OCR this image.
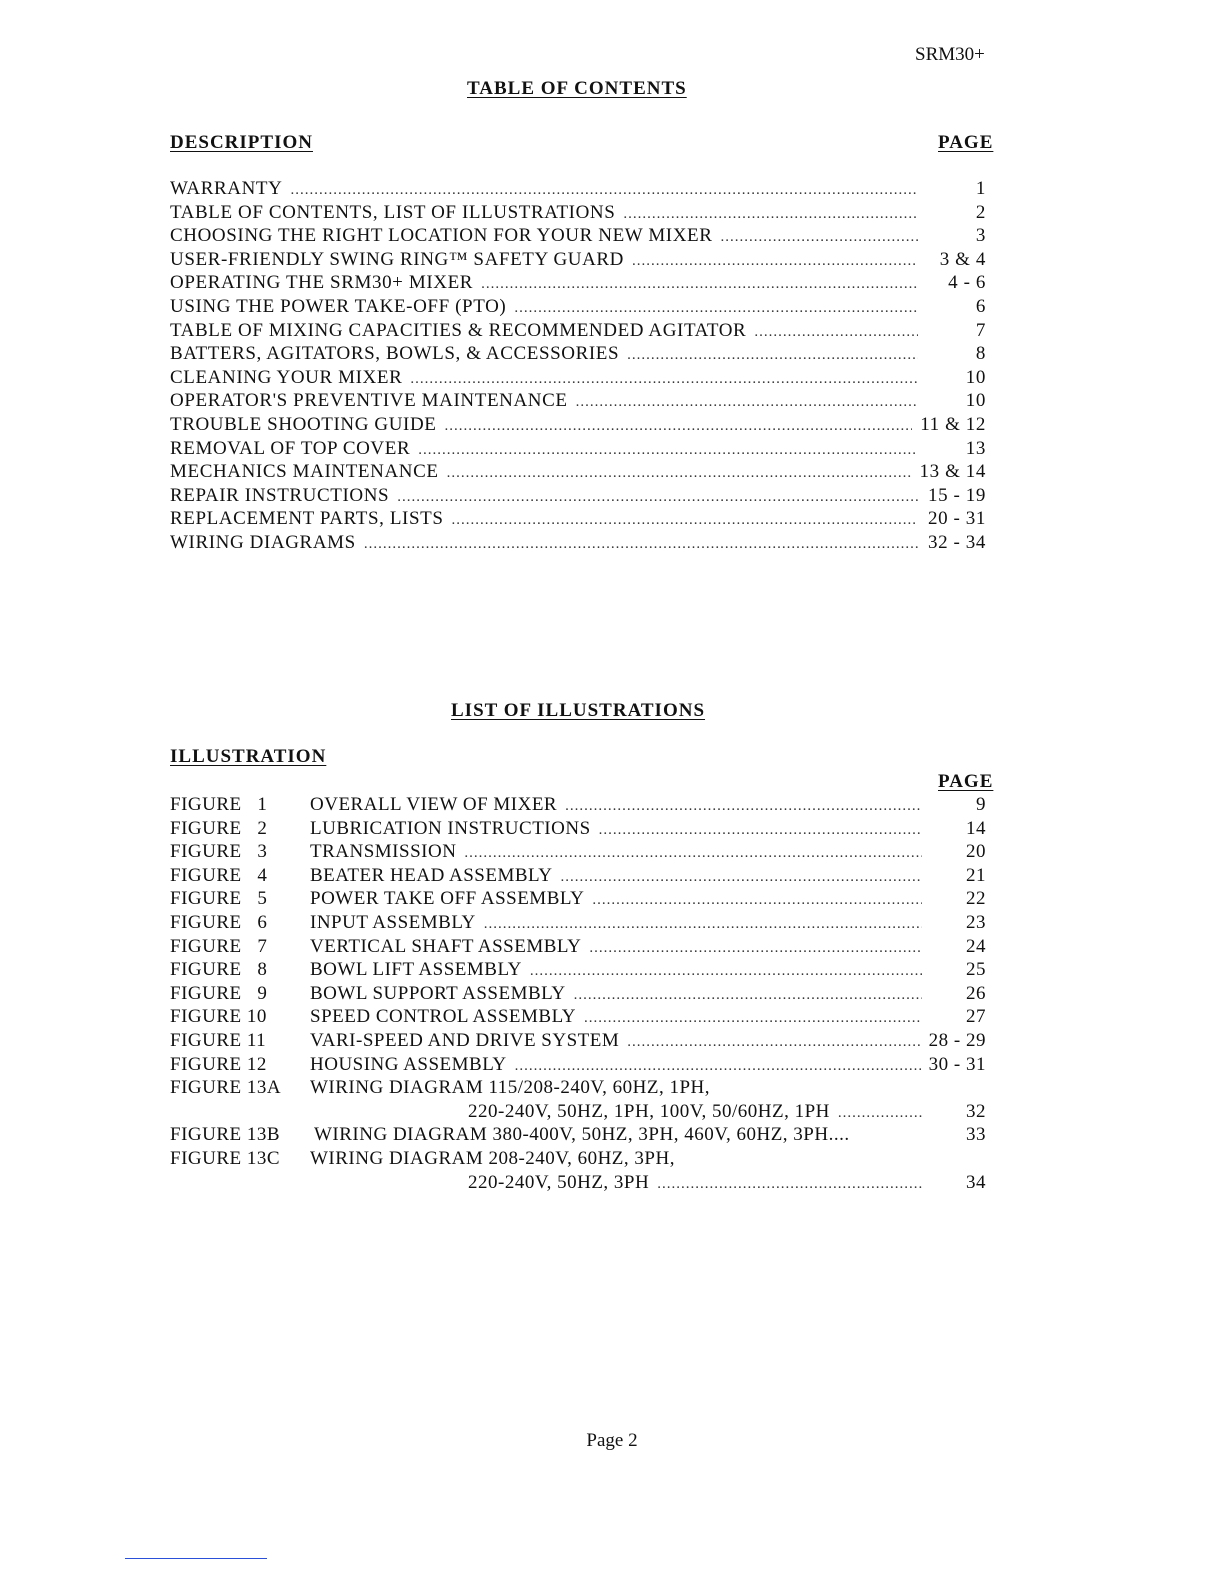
SRM30+
TABLE OF CONTENTS
DESCRIPTION	PAGE
WARRANTY .....	1
TABLE OF CONTENTS, LIST OF ILLUSTRATIONS .....	2
CHOOSING THE RIGHT LOCATION FOR YOUR NEW MIXER .....	3
USER-FRIENDLY SWING RING™ SAFETY GUARD .....	3 & 4
OPERATING THE SRM30+ MIXER .....	4 - 6
USING THE POWER TAKE-OFF (PTO) .....	6
TABLE OF MIXING CAPACITIES & RECOMMENDED AGITATOR .....	7
BATTERS, AGITATORS, BOWLS, & ACCESSORIES .....	8
CLEANING YOUR MIXER .....	10
OPERATOR'S PREVENTIVE MAINTENANCE .....	10
TROUBLE SHOOTING GUIDE .....	11 & 12
REMOVAL OF TOP COVER .....	13
MECHANICS MAINTENANCE .....	13 & 14
REPAIR INSTRUCTIONS .....	15 - 19
REPLACEMENT PARTS, LISTS .....	20 - 31
WIRING DIAGRAMS .....	32 - 34
LIST OF ILLUSTRATIONS
ILLUSTRATION
PAGE
FIGURE   1	OVERALL VIEW OF MIXER .....	9
FIGURE   2	LUBRICATION INSTRUCTIONS .....	14
FIGURE   3	TRANSMISSION .....	20
FIGURE   4	BEATER HEAD ASSEMBLY .....	21
FIGURE   5	POWER TAKE OFF ASSEMBLY .....	22
FIGURE   6	INPUT ASSEMBLY .....	23
FIGURE   7	VERTICAL SHAFT ASSEMBLY .....	24
FIGURE   8	BOWL LIFT ASSEMBLY .....	25
FIGURE   9	BOWL SUPPORT ASSEMBLY .....	26
FIGURE 10	SPEED CONTROL ASSEMBLY .....	27
FIGURE 11	VARI-SPEED AND DRIVE SYSTEM .....	28 - 29
FIGURE 12	HOUSING ASSEMBLY .....	30 - 31
FIGURE 13A	WIRING DIAGRAM 115/208-240V, 60HZ, 1PH,
220-240V, 50HZ, 1PH, 100V, 50/60HZ, 1PH .....	32
FIGURE 13B	WIRING DIAGRAM 380-400V, 50HZ, 3PH, 460V, 60HZ, 3PH....	33
FIGURE 13C	WIRING DIAGRAM 208-240V, 60HZ, 3PH,
220-240V, 50HZ, 3PH .....	34
Page 2
